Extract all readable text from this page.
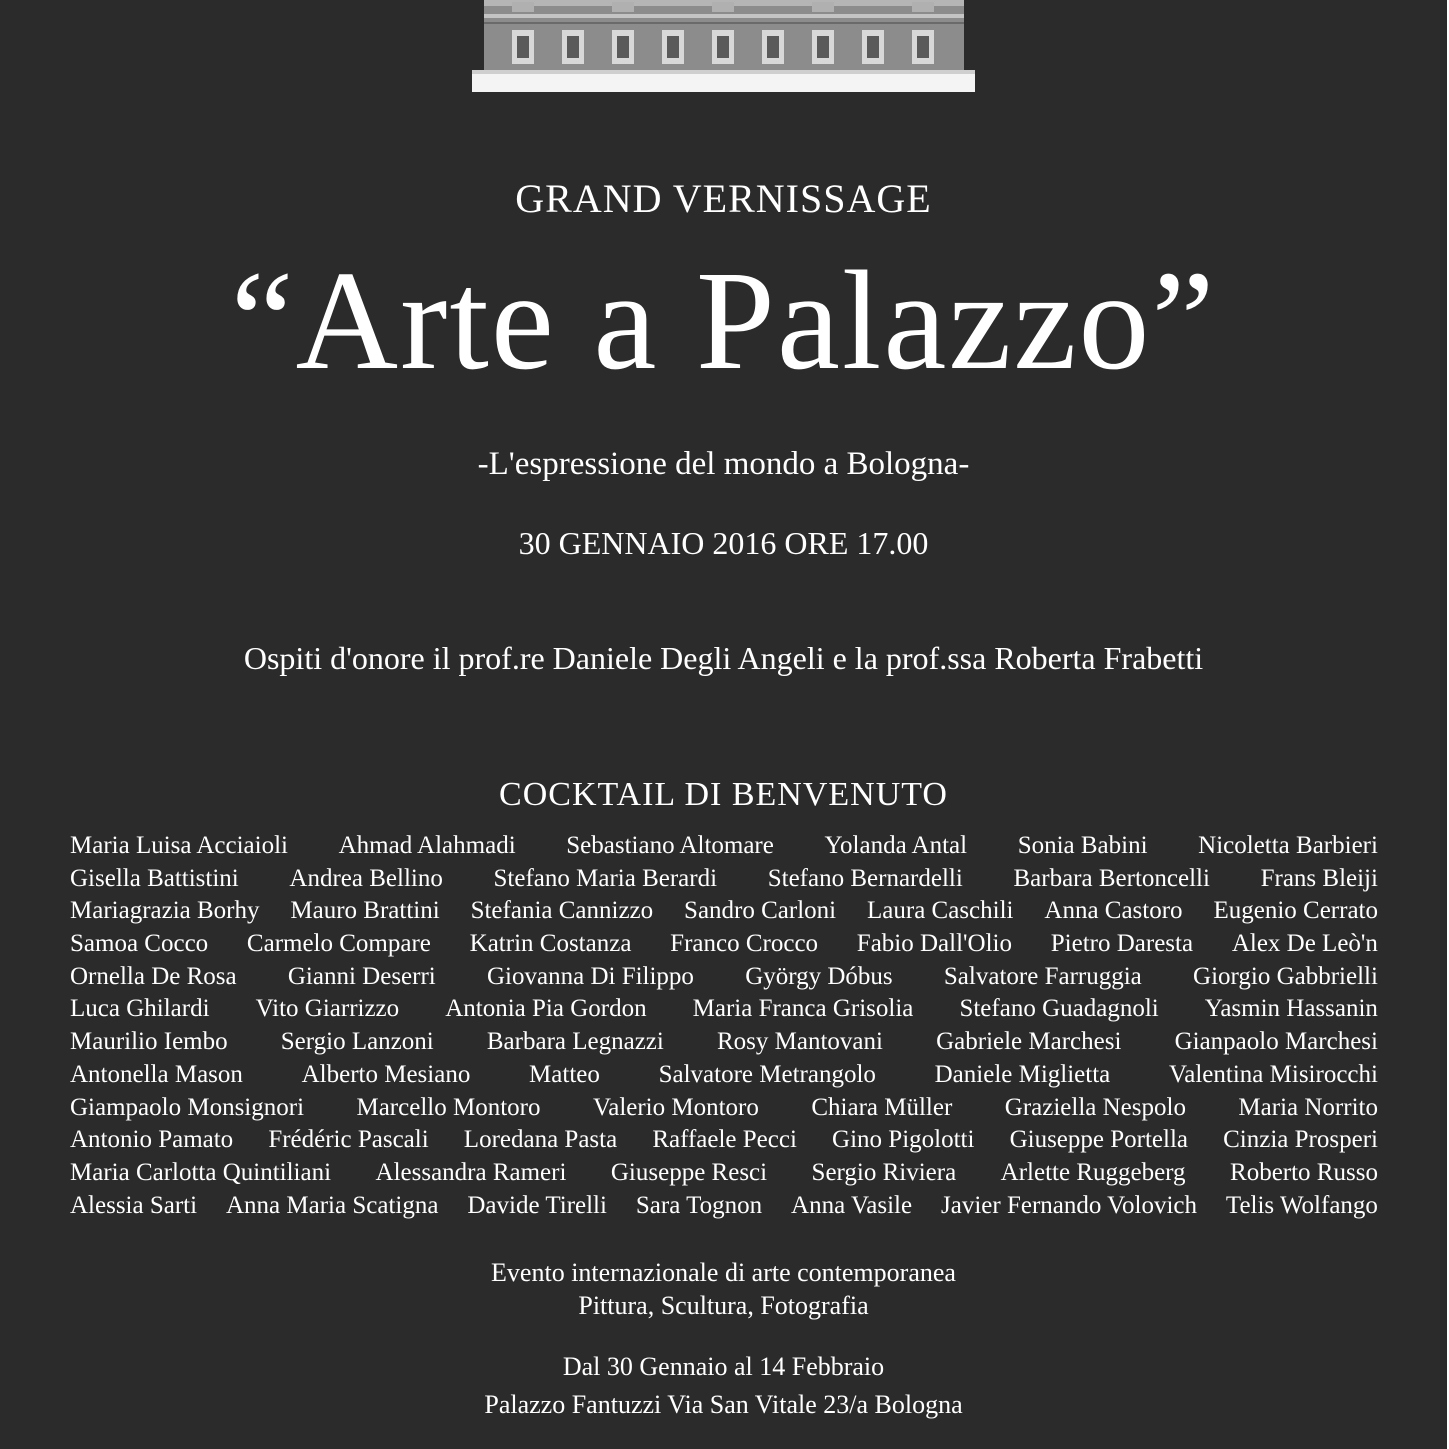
GRAND VERNISSAGE
“Arte a Palazzo”
-L'espressione del mondo a Bologna-
30 GENNAIO 2016 ORE 17.00
Ospiti d'onore il prof.re Daniele Degli Angeli e la prof.ssa Roberta Frabetti
COCKTAIL DI BENVENUTO
Maria Luisa Acciaioli Ahmad Alahmadi Sebastiano Altomare Yolanda Antal Sonia Babini Nicoletta Barbieri
Gisella Battistini Andrea Bellino Stefano Maria Berardi Stefano Bernardelli Barbara Bertoncelli Frans Bleiji
Mariagrazia Borhy Mauro Brattini Stefania Cannizzo Sandro Carloni Laura Caschili Anna Castoro Eugenio Cerrato
Samoa Cocco Carmelo Compare Katrin Costanza Franco Crocco Fabio Dall'Olio Pietro Daresta Alex De Leò'n
Ornella De Rosa Gianni Deserri Giovanna Di Filippo György Dóbus Salvatore Farruggia Giorgio Gabbrielli
Luca Ghilardi Vito Giarrizzo Antonia Pia Gordon Maria Franca Grisolia Stefano Guadagnoli Yasmin Hassanin
Maurilio Iembo Sergio Lanzoni Barbara Legnazzi Rosy Mantovani Gabriele Marchesi Gianpaolo Marchesi
Antonella Mason Alberto Mesiano Matteo Salvatore Metrangolo Daniele Miglietta Valentina Misirocchi
Giampaolo Monsignori Marcello Montoro Valerio Montoro Chiara Müller Graziella Nespolo Maria Norrito
Antonio Pamato Frédéric Pascali Loredana Pasta Raffaele Pecci Gino Pigolotti Giuseppe Portella Cinzia Prosperi
Maria Carlotta Quintiliani Alessandra Rameri Giuseppe Resci Sergio Riviera Arlette Ruggeberg Roberto Russo
Alessia Sarti Anna Maria Scatigna Davide Tirelli Sara Tognon Anna Vasile Javier Fernando Volovich Telis Wolfango
Evento internazionale di arte contemporanea
Pittura, Scultura, Fotografia
Dal 30 Gennaio al 14 Febbraio
Palazzo Fantuzzi Via San Vitale 23/a Bologna
